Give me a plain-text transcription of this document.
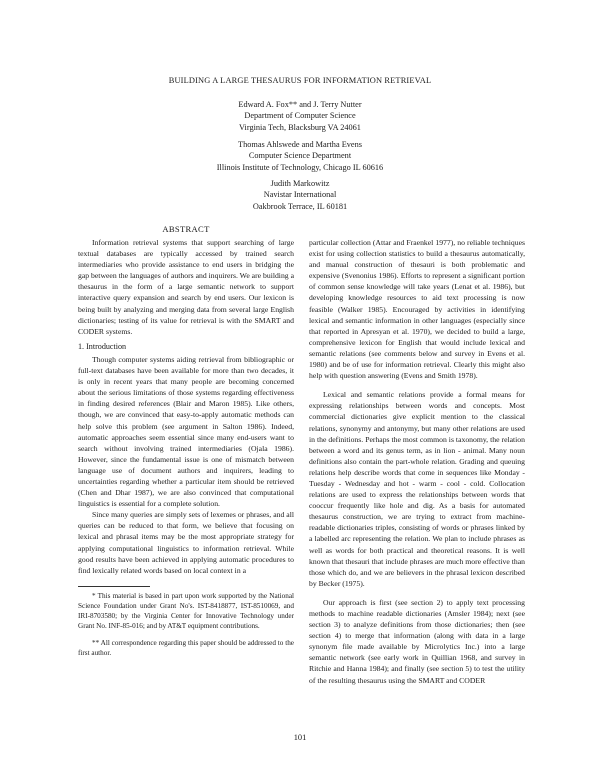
BUILDING A LARGE THESAURUS FOR INFORMATION RETRIEVAL
Edward A. Fox** and J. Terry Nutter
Department of Computer Science
Virginia Tech, Blacksburg VA 24061
Thomas Ahlswede and Martha Evens
Computer Science Department
Illinois Institute of Technology, Chicago IL 60616
Judith Markowitz
Navistar International
Oakbrook Terrace, IL 60181
ABSTRACT

Information retrieval systems that support searching of large textual databases are typically accessed by trained search intermediaries who provide assistance to end users in bridging the gap between the languages of authors and inquirers. We are building a thesaurus in the form of a large semantic network to support interactive query expansion and search by end users. Our lexicon is being built by analyzing and merging data from several large English dictionaries; testing of its value for retrieval is with the SMART and CODER systems.

1. Introduction

Though computer systems aiding retrieval from bibliographic or full-text databases have been available for more than two decades, it is only in recent years that many people are becoming concerned about the serious limitations of those systems regarding effectiveness in finding desired references (Blair and Maron 1985). Like others, though, we are convinced that easy-to-apply automatic methods can help solve this problem (see argument in Salton 1986). Indeed, automatic approaches seem essential since many end-users want to search without involving trained intermediaries (Ojala 1986). However, since the fundamental issue is one of mismatch between language use of document authors and inquirers, leading to uncertainties regarding whether a particular item should be retrieved (Chen and Dhar 1987), we are also convinced that computational linguistics is essential for a complete solution.

Since many queries are simply sets of lexemes or phrases, and all queries can be reduced to that form, we believe that focusing on lexical and phrasal items may be the most appropriate strategy for applying computational linguistics to information retrieval. While good results have been achieved in applying automatic procedures to find lexically related words based on local context in a

* This material is based in part upon work supported by the National Science Foundation under Grant No's. IST-8418877, IST-8510069, and IRI-8703580; by the Virginia Center for Innovative Technology under Grant No. INF-85-016; and by AT&T equipment contributions.

** All correspondence regarding this paper should be addressed to the first author.

particular collection (Attar and Fraenkel 1977), no reliable techniques exist for using collection statistics to build a thesaurus automatically, and manual construction of thesauri is both problematic and expensive (Svenonius 1986). Efforts to represent a significant portion of common sense knowledge will take years (Lenat et al. 1986), but developing knowledge resources to aid text processing is now feasible (Walker 1985). Encouraged by activities in identifying lexical and semantic information in other languages (especially since that reported in Apresyan et al. 1970), we decided to build a large, comprehensive lexicon for English that would include lexical and semantic relations (see comments below and survey in Evens et al. 1980) and be of use for information retrieval. Clearly this might also help with question answering (Evens and Smith 1978).

Lexical and semantic relations provide a formal means for expressing relationships between words and concepts. Most commercial dictionaries give explicit mention to the classical relations, synonymy and antonymy, but many other relations are used in the definitions. Perhaps the most common is taxonomy, the relation between a word and its genus term, as in lion - animal. Many noun definitions also contain the part-whole relation. Grading and queuing relations help describe words that come in sequences like Monday - Tuesday - Wednesday and hot - warm - cool - cold. Collocation relations are used to express the relationships between words that cooccur frequently like hole and dig. As a basis for automated thesaurus construction, we are trying to extract from machine-readable dictionaries triples, consisting of words or phrases linked by a labelled arc representing the relation. We plan to include phrases as well as words for both practical and theoretical reasons. It is well known that thesauri that include phrases are much more effective than those which do, and we are believers in the phrasal lexicon described by Becker (1975).

Our approach is first (see section 2) to apply text processing methods to machine readable dictionaries (Amsler 1984); next (see section 3) to analyze definitions from those dictionaries; then (see section 4) to merge that information (along with data in a large synonym file made available by Microlytics Inc.) into a large semantic network (see early work in Quillian 1968, and survey in Ritchie and Hanna 1984); and finally (see section 5) to test the utility of the resulting thesaurus using the SMART and CODER

101
